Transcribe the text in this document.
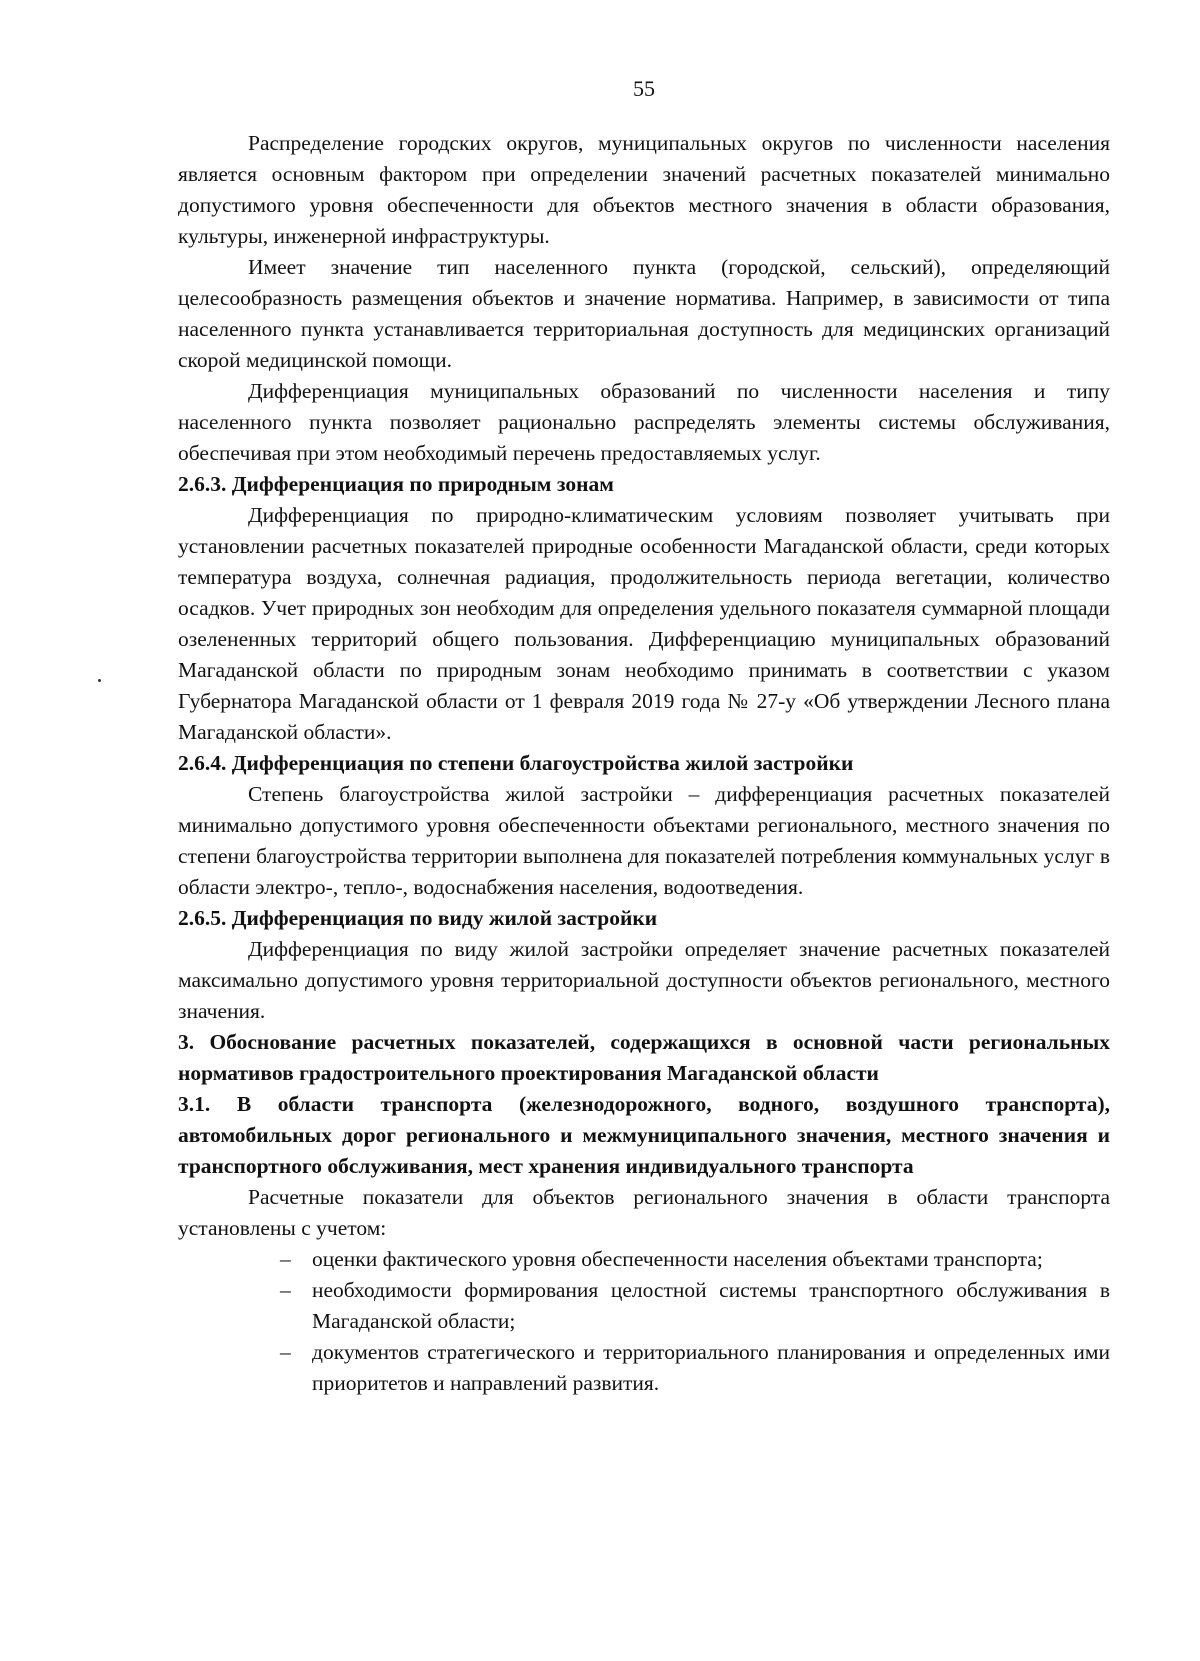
55

Распределение городских округов, муниципальных округов по численности населения является основным фактором при определении значений расчетных показателей минимально допустимого уровня обеспеченности для объектов местного значения в области образования, культуры, инженерной инфраструктуры.

Имеет значение тип населенного пункта (городской, сельский), определяющий целесообразность размещения объектов и значение норматива. Например, в зависимости от типа населенного пункта устанавливается территориальная доступность для медицинских организаций скорой медицинской помощи.

Дифференциация муниципальных образований по численности населения и типу населенного пункта позволяет рационально распределять элементы системы обслуживания, обеспечивая при этом необходимый перечень предоставляемых услуг.

2.6.3. Дифференциация по природным зонам

Дифференциация по природно-климатическим условиям позволяет учитывать при установлении расчетных показателей природные особенности Магаданской области, среди которых температура воздуха, солнечная радиация, продолжительность периода вегетации, количество осадков. Учет природных зон необходим для определения удельного показателя суммарной площади озелененных территорий общего пользования. Дифференциацию муниципальных образований Магаданской области по природным зонам необходимо принимать в соответствии с указом Губернатора Магаданской области от 1 февраля 2019 года № 27-у «Об утверждении Лесного плана Магаданской области».

2.6.4. Дифференциация по степени благоустройства жилой застройки

Степень благоустройства жилой застройки – дифференциация расчетных показателей минимально допустимого уровня обеспеченности объектами регионального, местного значения по степени благоустройства территории выполнена для показателей потребления коммунальных услуг в области электро-, тепло-, водоснабжения населения, водоотведения.

2.6.5. Дифференциация по виду жилой застройки

Дифференциация по виду жилой застройки определяет значение расчетных показателей максимально допустимого уровня территориальной доступности объектов регионального, местного значения.

3. Обоснование расчетных показателей, содержащихся в основной части региональных нормативов градостроительного проектирования Магаданской области

3.1. В области транспорта (железнодорожного, водного, воздушного транспорта), автомобильных дорог регионального и межмуниципального значения, местного значения и транспортного обслуживания, мест хранения индивидуального транспорта

Расчетные показатели для объектов регионального значения в области транспорта установлены с учетом:

– оценки фактического уровня обеспеченности населения объектами транспорта;
– необходимости формирования целостной системы транспортного обслуживания в Магаданской области;
– документов стратегического и территориального планирования и определенных ими приоритетов и направлений развития.
